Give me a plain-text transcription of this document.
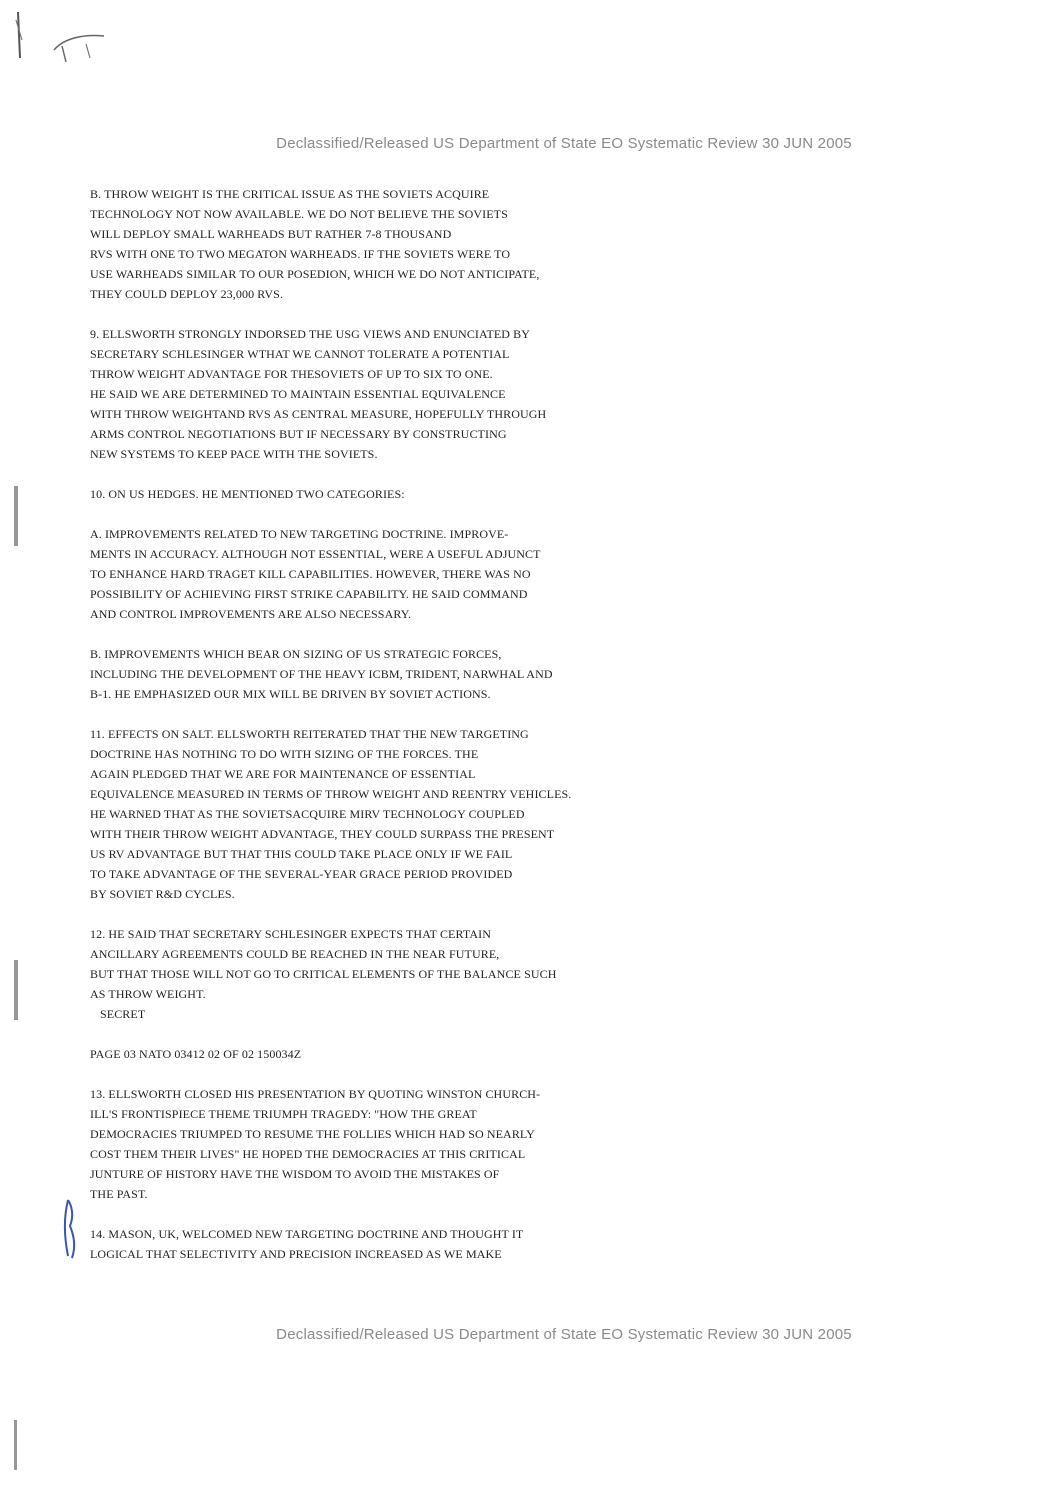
Declassified/Released US Department of State EO Systematic Review 30 JUN 2005
B. THROW WEIGHT IS THE CRITICAL ISSUE AS THE SOVIETS ACQUIRE
TECHNOLOGY NOT NOW AVAILABLE. WE DO NOT BELIEVE THE SOVIETS
WILL DEPLOY SMALL WARHEADS BUT RATHER 7-8 THOUSAND
RVS WITH ONE TO TWO MEGATON WARHEADS. IF THE SOVIETS WERE TO
USE WARHEADS SIMILAR TO OUR POSEDION, WHICH WE DO NOT ANTICIPATE,
THEY COULD DEPLOY 23,000 RVS.
9. ELLSWORTH STRONGLY INDORSED THE USG VIEWS AND ENUNCIATED BY
SECRETARY SCHLESINGER WTHAT WE CANNOT TOLERATE A POTENTIAL
THROW WEIGHT ADVANTAGE FOR THESOVIETS OF UP TO SIX TO ONE.
HE SAID WE ARE DETERMINED TO MAINTAIN ESSENTIAL EQUIVALENCE
WITH THROW WEIGHTAND RVS AS CENTRAL MEASURE, HOPEFULLY THROUGH
ARMS CONTROL NEGOTIATIONS BUT IF NECESSARY BY CONSTRUCTING
NEW SYSTEMS TO KEEP PACE WITH THE SOVIETS.
10. ON US HEDGES. HE MENTIONED TWO CATEGORIES:
A. IMPROVEMENTS RELATED TO NEW TARGETING DOCTRINE. IMPROVE-
MENTS IN ACCURACY. ALTHOUGH NOT ESSENTIAL, WERE A USEFUL ADJUNCT
TO ENHANCE HARD TRAGET KILL CAPABILITIES. HOWEVER, THERE WAS NO
POSSIBILITY OF ACHIEVING FIRST STRIKE CAPABILITY. HE SAID COMMAND
AND CONTROL IMPROVEMENTS ARE ALSO NECESSARY.
B. IMPROVEMENTS WHICH BEAR ON SIZING OF US STRATEGIC FORCES,
INCLUDING THE DEVELOPMENT OF THE HEAVY ICBM, TRIDENT, NARWHAL AND
B-1. HE EMPHASIZED OUR MIX WILL BE DRIVEN BY SOVIET ACTIONS.
11. EFFECTS ON SALT. ELLSWORTH REITERATED THAT THE NEW TARGETING
DOCTRINE HAS NOTHING TO DO WITH SIZING OF THE FORCES. THE
AGAIN PLEDGED THAT WE ARE FOR MAINTENANCE OF ESSENTIAL
EQUIVALENCE MEASURED IN TERMS OF THROW WEIGHT AND REENTRY VEHICLES.
HE WARNED THAT AS THE SOVIETSACQUIRE MIRV TECHNOLOGY COUPLED
WITH THEIR THROW WEIGHT ADVANTAGE, THEY COULD SURPASS THE PRESENT
US RV ADVANTAGE BUT THAT THIS COULD TAKE PLACE ONLY IF WE FAIL
TO TAKE ADVANTAGE OF THE SEVERAL-YEAR GRACE PERIOD PROVIDED
BY SOVIET R&D CYCLES.
12. HE SAID THAT SECRETARY SCHLESINGER EXPECTS THAT CERTAIN
ANCILLARY AGREEMENTS COULD BE REACHED IN THE NEAR FUTURE,
BUT THAT THOSE WILL NOT GO TO CRITICAL ELEMENTS OF THE BALANCE SUCH
AS THROW WEIGHT.
SECRET
PAGE 03 NATO 03412 02 OF 02 150034Z
13. ELLSWORTH CLOSED HIS PRESENTATION BY QUOTING WINSTON CHURCH-
ILL'S FRONTISPIECE THEME TRIUMPH TRAGEDY: "HOW THE GREAT
DEMOCRACIES TRIUMPED TO RESUME THE FOLLIES WHICH HAD SO NEARLY
COST THEM THEIR LIVES" HE HOPED THE DEMOCRACIES AT THIS CRITICAL
JUNTURE OF HISTORY HAVE THE WISDOM TO AVOID THE MISTAKES OF
THE PAST.
14. MASON, UK, WELCOMED NEW TARGETING DOCTRINE AND THOUGHT IT
LOGICAL THAT SELECTIVITY AND PRECISION INCREASED AS WE MAKE
Declassified/Released US Department of State EO Systematic Review 30 JUN 2005
